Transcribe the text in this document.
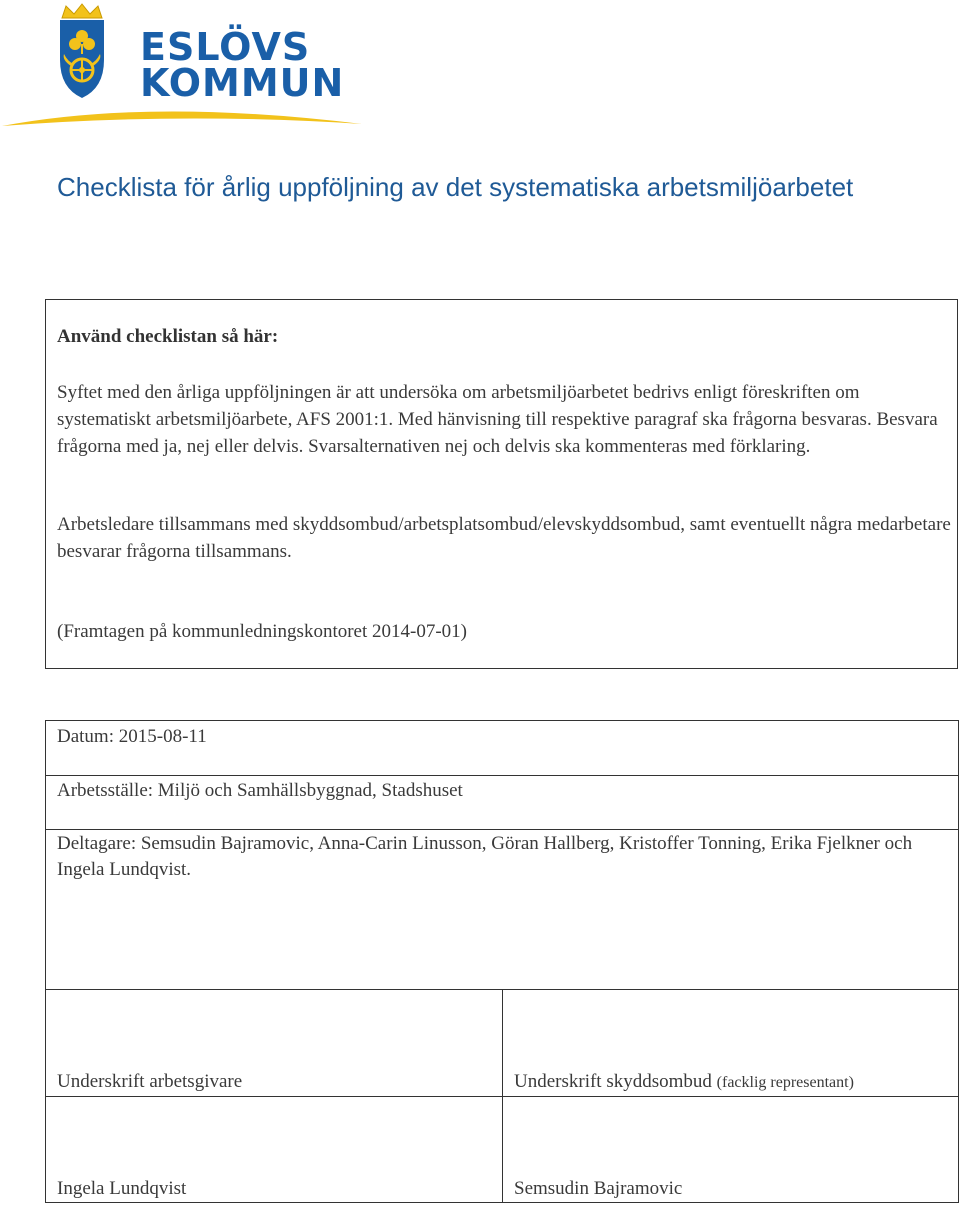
ESLÖVS
KOMMUN
Checklista för årlig uppföljning av det systematiska arbetsmiljöarbetet
Använd checklistan så här:
Syftet med den årliga uppföljningen är att undersöka om arbetsmiljöarbetet bedrivs enligt föreskriften om systematiskt arbetsmiljöarbete, AFS 2001:1. Med hänvisning till respektive paragraf ska frågorna besvaras. Besvara frågorna med ja, nej eller delvis. Svarsalternativen nej och delvis ska kommenteras med förklaring.
Arbetsledare tillsammans med skyddsombud/arbetsplatsombud/elevskyddsombud, samt eventuellt några medarbetare besvarar frågorna tillsammans.
(Framtagen på kommunledningskontoret 2014-07-01)
Datum: 2015-08-11
Arbetsställe: Miljö och Samhällsbyggnad, Stadshuset
Deltagare: Semsudin Bajramovic, Anna-Carin Linusson, Göran Hallberg, Kristoffer Tonning, Erika Fjelkner och Ingela Lundqvist.
Underskrift arbetsgivare	Underskrift skyddsombud (facklig representant)
Ingela Lundqvist	Semsudin Bajramovic
